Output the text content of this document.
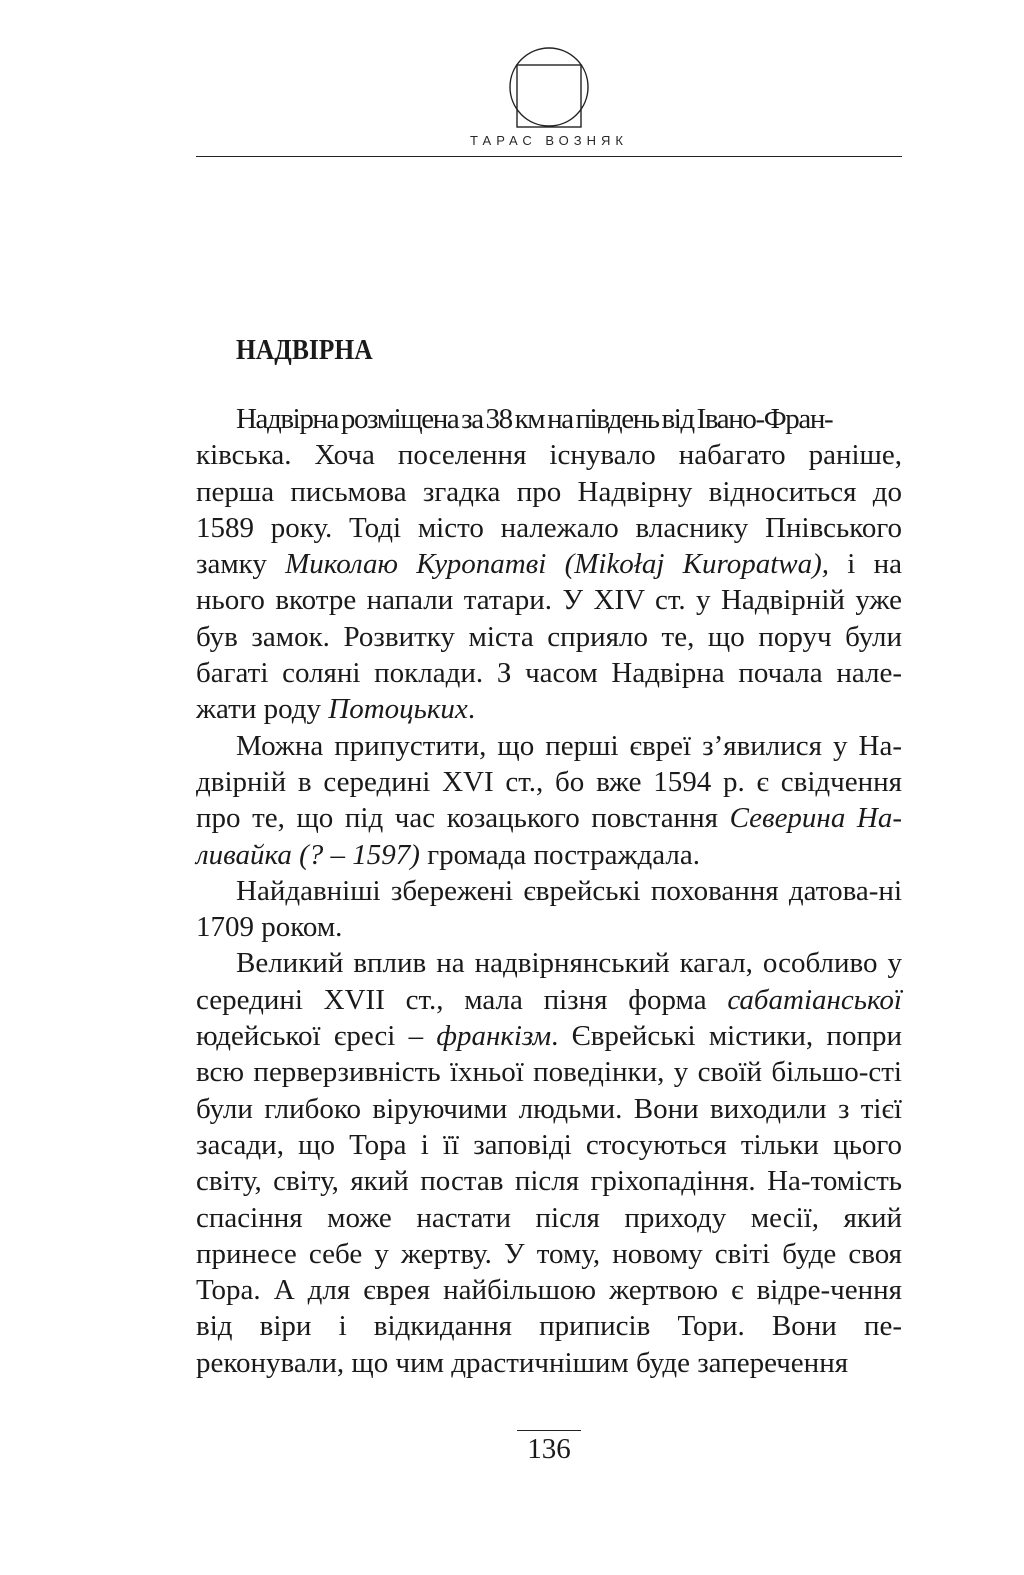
ТАРАС ВОЗНЯК
НАДВІРНА

Надвірна розміщена за 38 км на південь від Івано-Фран-

ківська. Хоча поселення існувало набагато раніше, перша письмова згадка про Надвірну відноситься до 1589 року. Тоді місто належало власнику Пнівського замку Миколаю Куропатві (Mikołaj Kuropatwa), і на нього вкотре напали татари. У XIV ст. у Надвірній уже був замок. Розвитку міста сприяло те, що поруч були багаті соляні поклади. З часом Надвірна почала нале-жати роду Потоцьких.

Можна припустити, що перші євреї з’явилися у На-двірній в середині XVI ст., бо вже 1594 р. є свідчення про те, що під час козацького повстання Северина На-ливайка (? – 1597) громада постраждала.

Найдавніші збережені єврейські поховання датова-ні 1709 роком.

Великий вплив на надвірнянський кагал, особливо у середині XVII ст., мала пізня форма сабатіанської юдейської єресі – франкізм. Єврейські містики, попри всю перверзивність їхньої поведінки, у своїй більшо-сті були глибоко віруючими людьми. Вони виходили з тієї засади, що Тора і її заповіді стосуються тільки цього світу, світу, який постав після гріхопадіння. На-томість спасіння може настати після приходу месії, який принесе себе у жертву. У тому, новому світі буде своя Тора. А для єврея найбільшою жертвою є відре-чення від віри і відкидання приписів Тори. Вони пе-реконували, що чим драстичнішим буде заперечення

136
